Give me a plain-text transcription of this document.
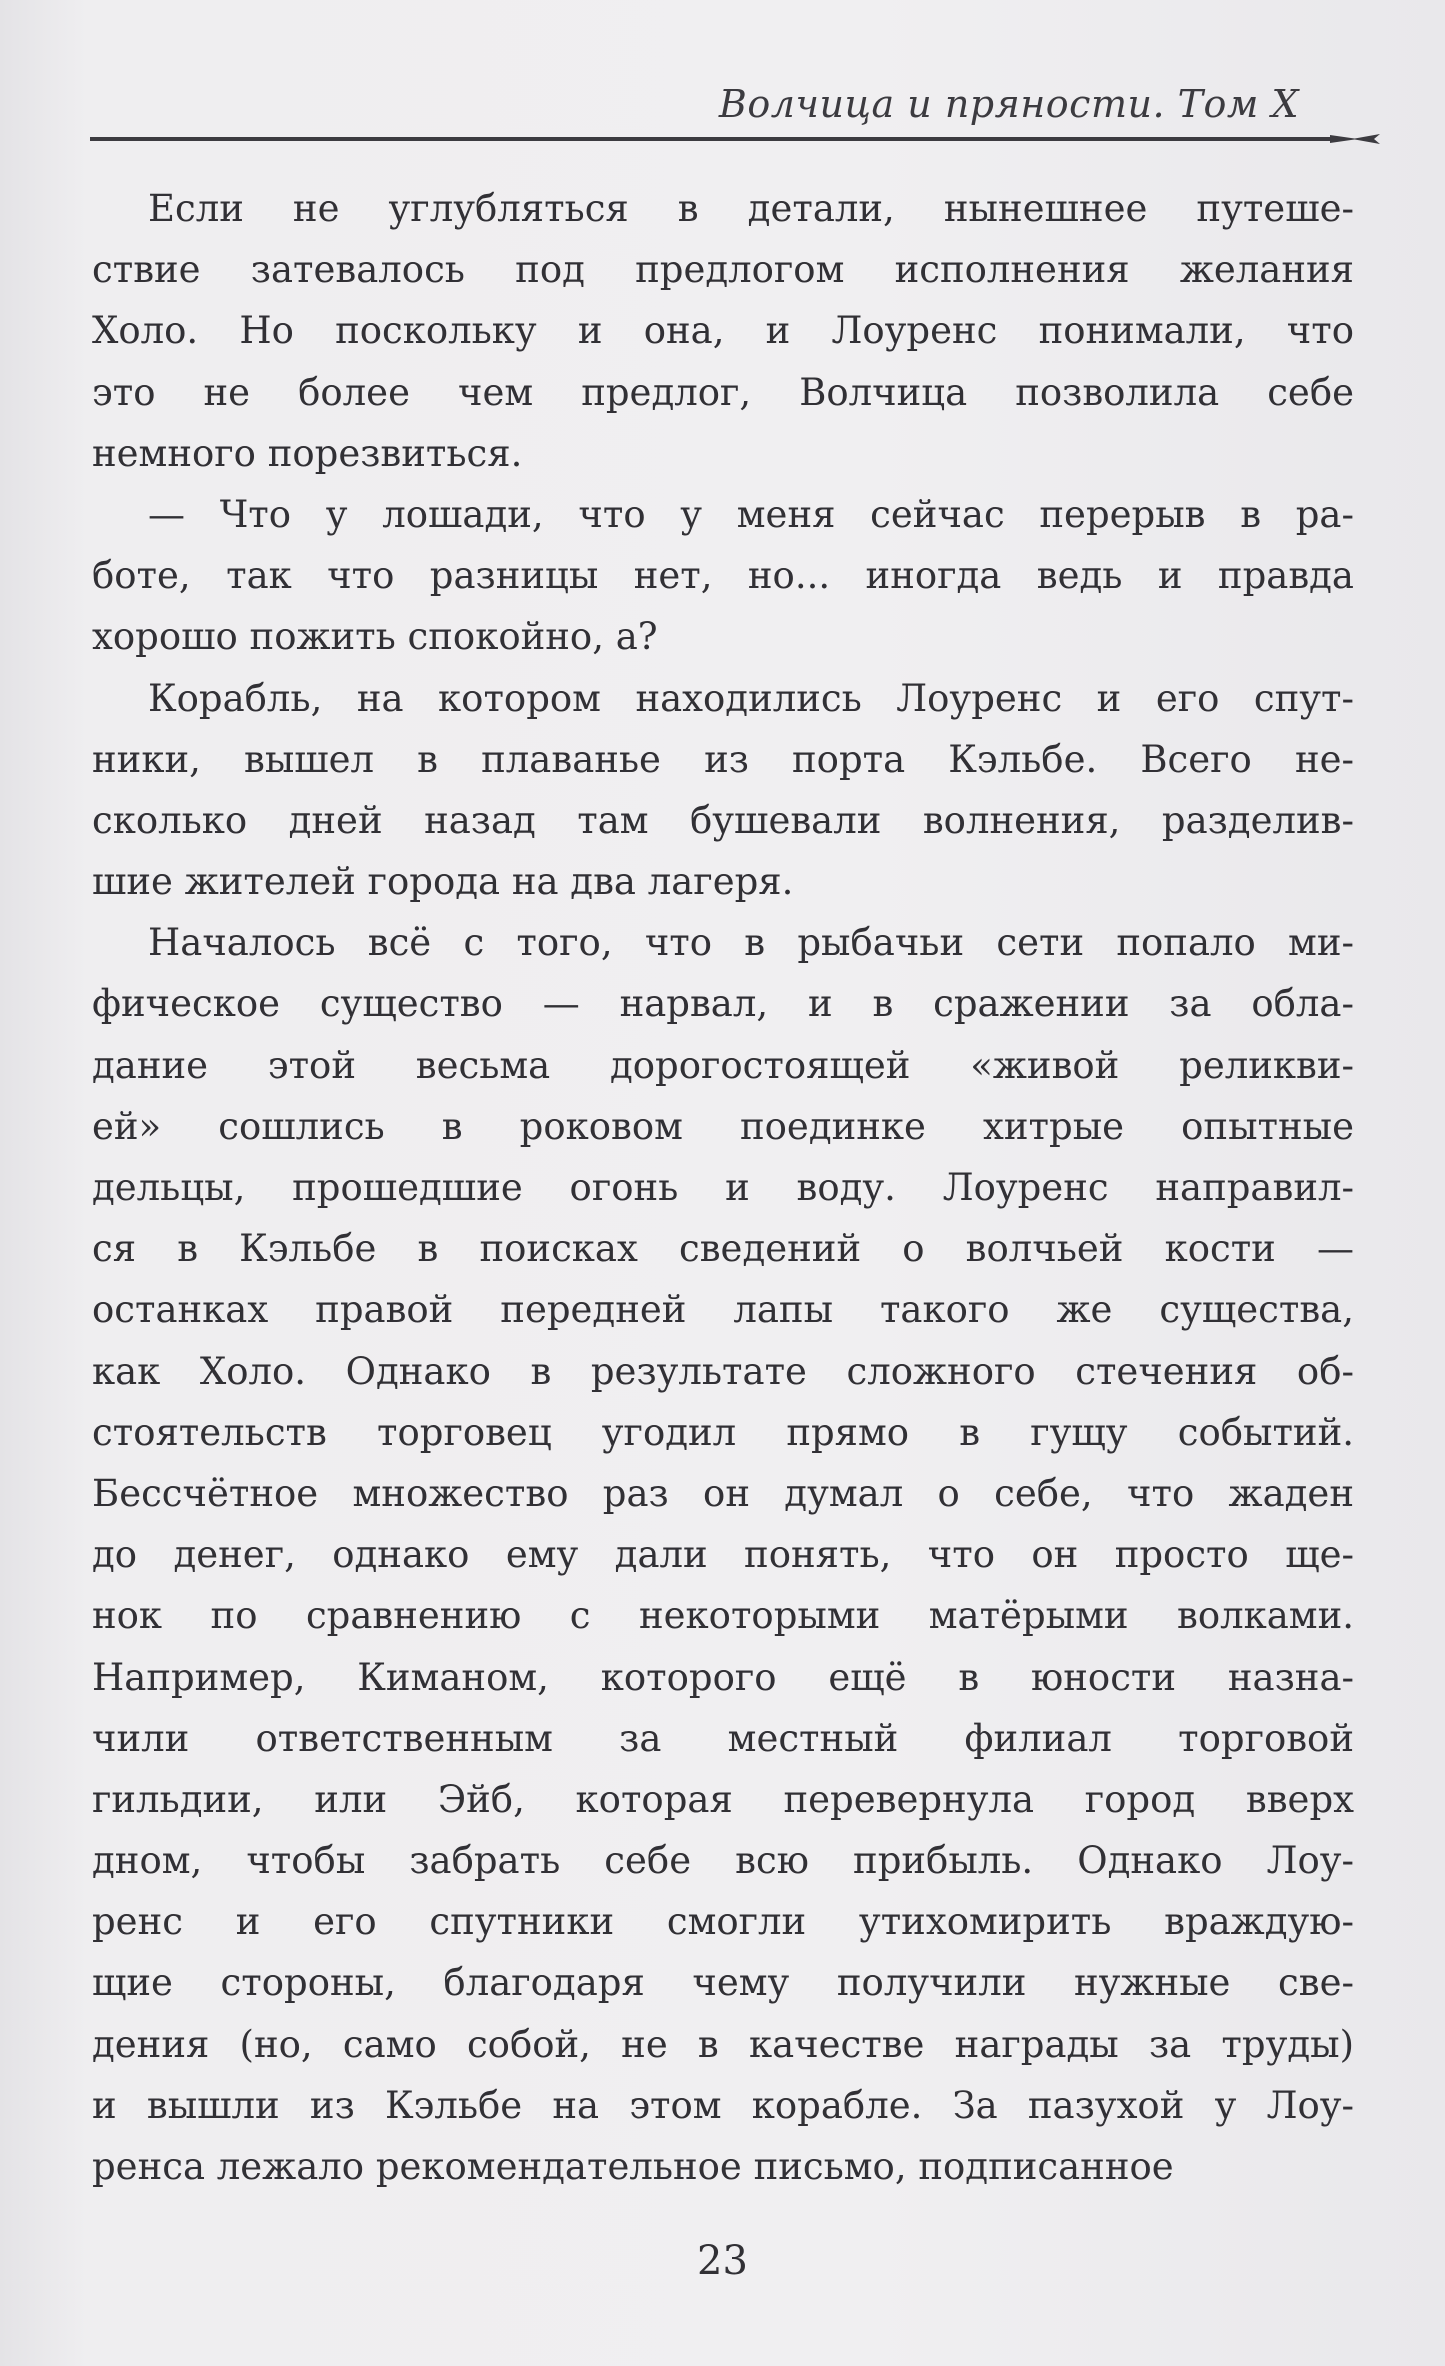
Волчица и пряности. Том X
Если не углубляться в детали, нынешнее путеше-
ствие затевалось под предлогом исполнения желания
Холо. Но поскольку и она, и Лоуренс понимали, что
это не более чем предлог, Волчица позволила себе
немного порезвиться.
— Что у лошади, что у меня сейчас перерыв в ра-
боте, так что разницы нет, но... иногда ведь и правда
хорошо пожить спокойно, а?
Корабль, на котором находились Лоуренс и его спут-
ники, вышел в плаванье из порта Кэльбе. Всего не-
сколько дней назад там бушевали волнения, разделив-
шие жителей города на два лагеря.
Началось всё с того, что в рыбачьи сети попало ми-
фическое существо — нарвал, и в сражении за обла-
дание этой весьма дорогостоящей «живой реликви-
ей» сошлись в роковом поединке хитрые опытные
дельцы, прошедшие огонь и воду. Лоуренс направил-
ся в Кэльбе в поисках сведений о волчьей кости —
останках правой передней лапы такого же существа,
как Холо. Однако в результате сложного стечения об-
стоятельств торговец угодил прямо в гущу событий.
Бессчётное множество раз он думал о себе, что жаден
до денег, однако ему дали понять, что он просто ще-
нок по сравнению с некоторыми матёрыми волками.
Например, Киманом, которого ещё в юности назна-
чили ответственным за местный филиал торговой
гильдии, или Эйб, которая перевернула город вверх
дном, чтобы забрать себе всю прибыль. Однако Лоу-
ренс и его спутники смогли утихомирить враждую-
щие стороны, благодаря чему получили нужные све-
дения (но, само собой, не в качестве награды за труды)
и вышли из Кэльбе на этом корабле. За пазухой у Лоу-
ренса лежало рекомендательное письмо, подписанное
23
